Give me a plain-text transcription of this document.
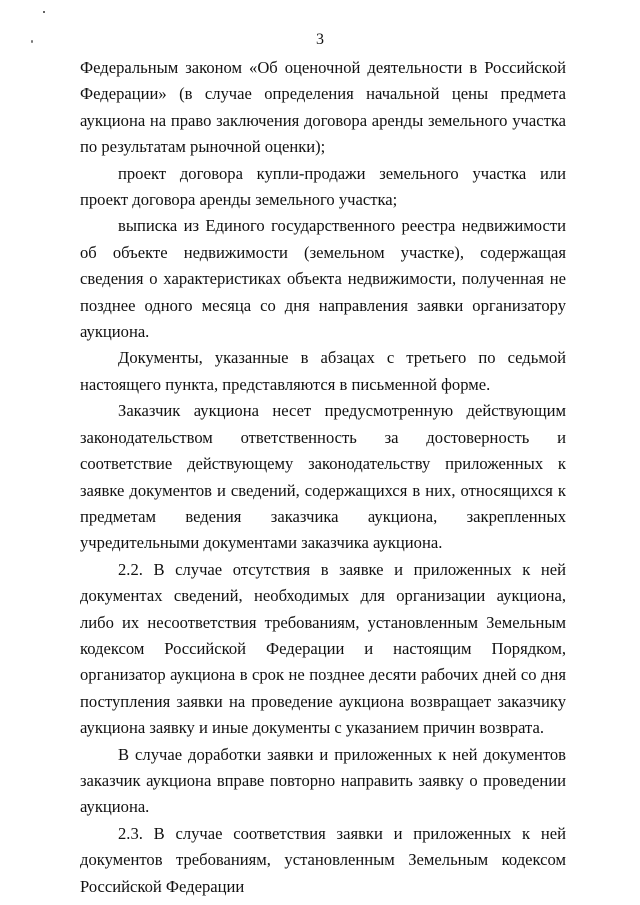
3

Федеральным законом «Об оценочной деятельности в Российской Федерации» (в случае определения начальной цены предмета аукциона на право заключения договора аренды земельного участка по результатам рыночной оценки);

проект договора купли-продажи земельного участка или проект договора аренды земельного участка;

выписка из Единого государственного реестра недвижимости об объекте недвижимости (земельном участке), содержащая сведения о характеристиках объекта недвижимости, полученная не позднее одного месяца со дня направления заявки организатору аукциона.

Документы, указанные в абзацах с третьего по седьмой настоящего пункта, представляются в письменной форме.

Заказчик аукциона несет предусмотренную действующим законодательством ответственность за достоверность и соответствие действующему законодательству приложенных к заявке документов и сведений, содержащихся в них, относящихся к предметам ведения заказчика аукциона, закрепленных учредительными документами заказчика аукциона.

2.2. В случае отсутствия в заявке и приложенных к ней документах сведений, необходимых для организации аукциона, либо их несоответствия требованиям, установленным Земельным кодексом Российской Федерации и настоящим Порядком, организатор аукциона в срок не позднее десяти рабочих дней со дня поступления заявки на проведение аукциона возвращает заказчику аукциона заявку и иные документы с указанием причин возврата.

В случае доработки заявки и приложенных к ней документов заказчик аукциона вправе повторно направить заявку о проведении аукциона.

2.3. В случае соответствия заявки и приложенных к ней документов требованиям, установленным Земельным кодексом Российской Федерации
